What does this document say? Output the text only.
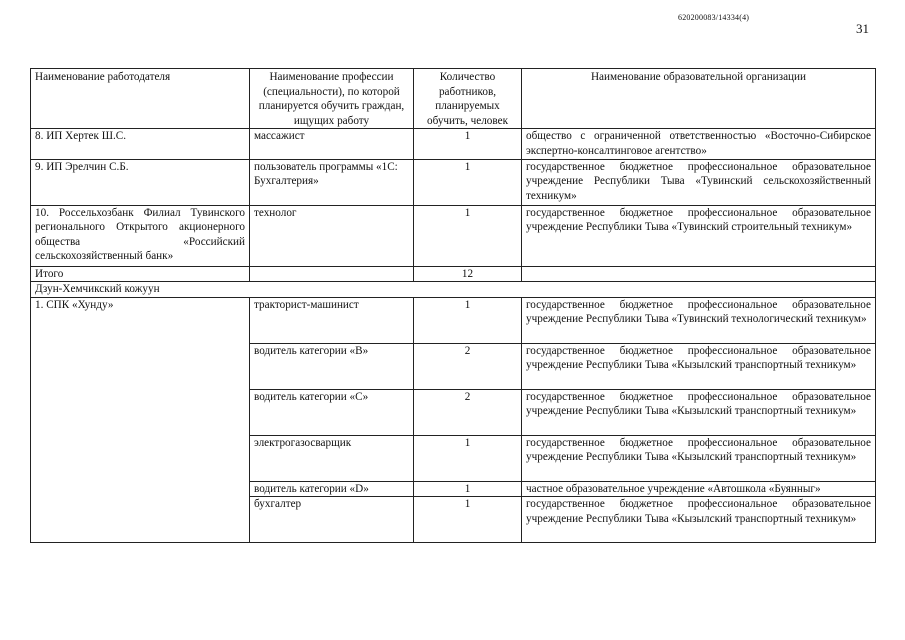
620200083/14334(4)
31
Наименование работодателя	Наименование профессии (специальности), по которой планируется обучить граждан, ищущих работу	Количество работников, планируемых обучить, человек	Наименование образовательной организации
8. ИП Хертек Ш.С.	массажист	1	общество с ограниченной ответственностью «Восточно-Сибирское экспертно-консалтинговое агентство»
9. ИП Эрелчин С.Б.	пользователь программы «1С: Бухгалтерия»	1	государственное бюджетное профессиональное образовательное учреждение Республики Тыва «Тувинский сельскохозяйственный техникум»
10. Россельхозбанк Филиал Тувинского регионального Открытого акционерного общества «Российский сельскохозяйственный банк»	технолог	1	государственное бюджетное профессиональное образовательное учреждение Республики Тыва «Тувинский строительный техникум»
Итого		12	
Дзун-Хемчикский кожуун			
1. СПК «Хунду»	тракторист-машинист	1	государственное бюджетное профессиональное образовательное учреждение Республики Тыва «Тувинский технологический техникум»
	водитель категории «В»	2	государственное бюджетное профессиональное образовательное учреждение Республики Тыва «Кызылский транспортный техникум»
	водитель категории «С»	2	государственное бюджетное профессиональное образовательное учреждение Республики Тыва «Кызылский транспортный техникум»
	электрогазосварщик	1	государственное бюджетное профессиональное образовательное учреждение Республики Тыва «Кызылский транспортный техникум»
	водитель категории «D»	1	частное образовательное учреждение «Автошкола «Буянныг»
	бухгалтер	1	государственное бюджетное профессиональное образовательное учреждение Республики Тыва «Кызылский транспортный техникум»
